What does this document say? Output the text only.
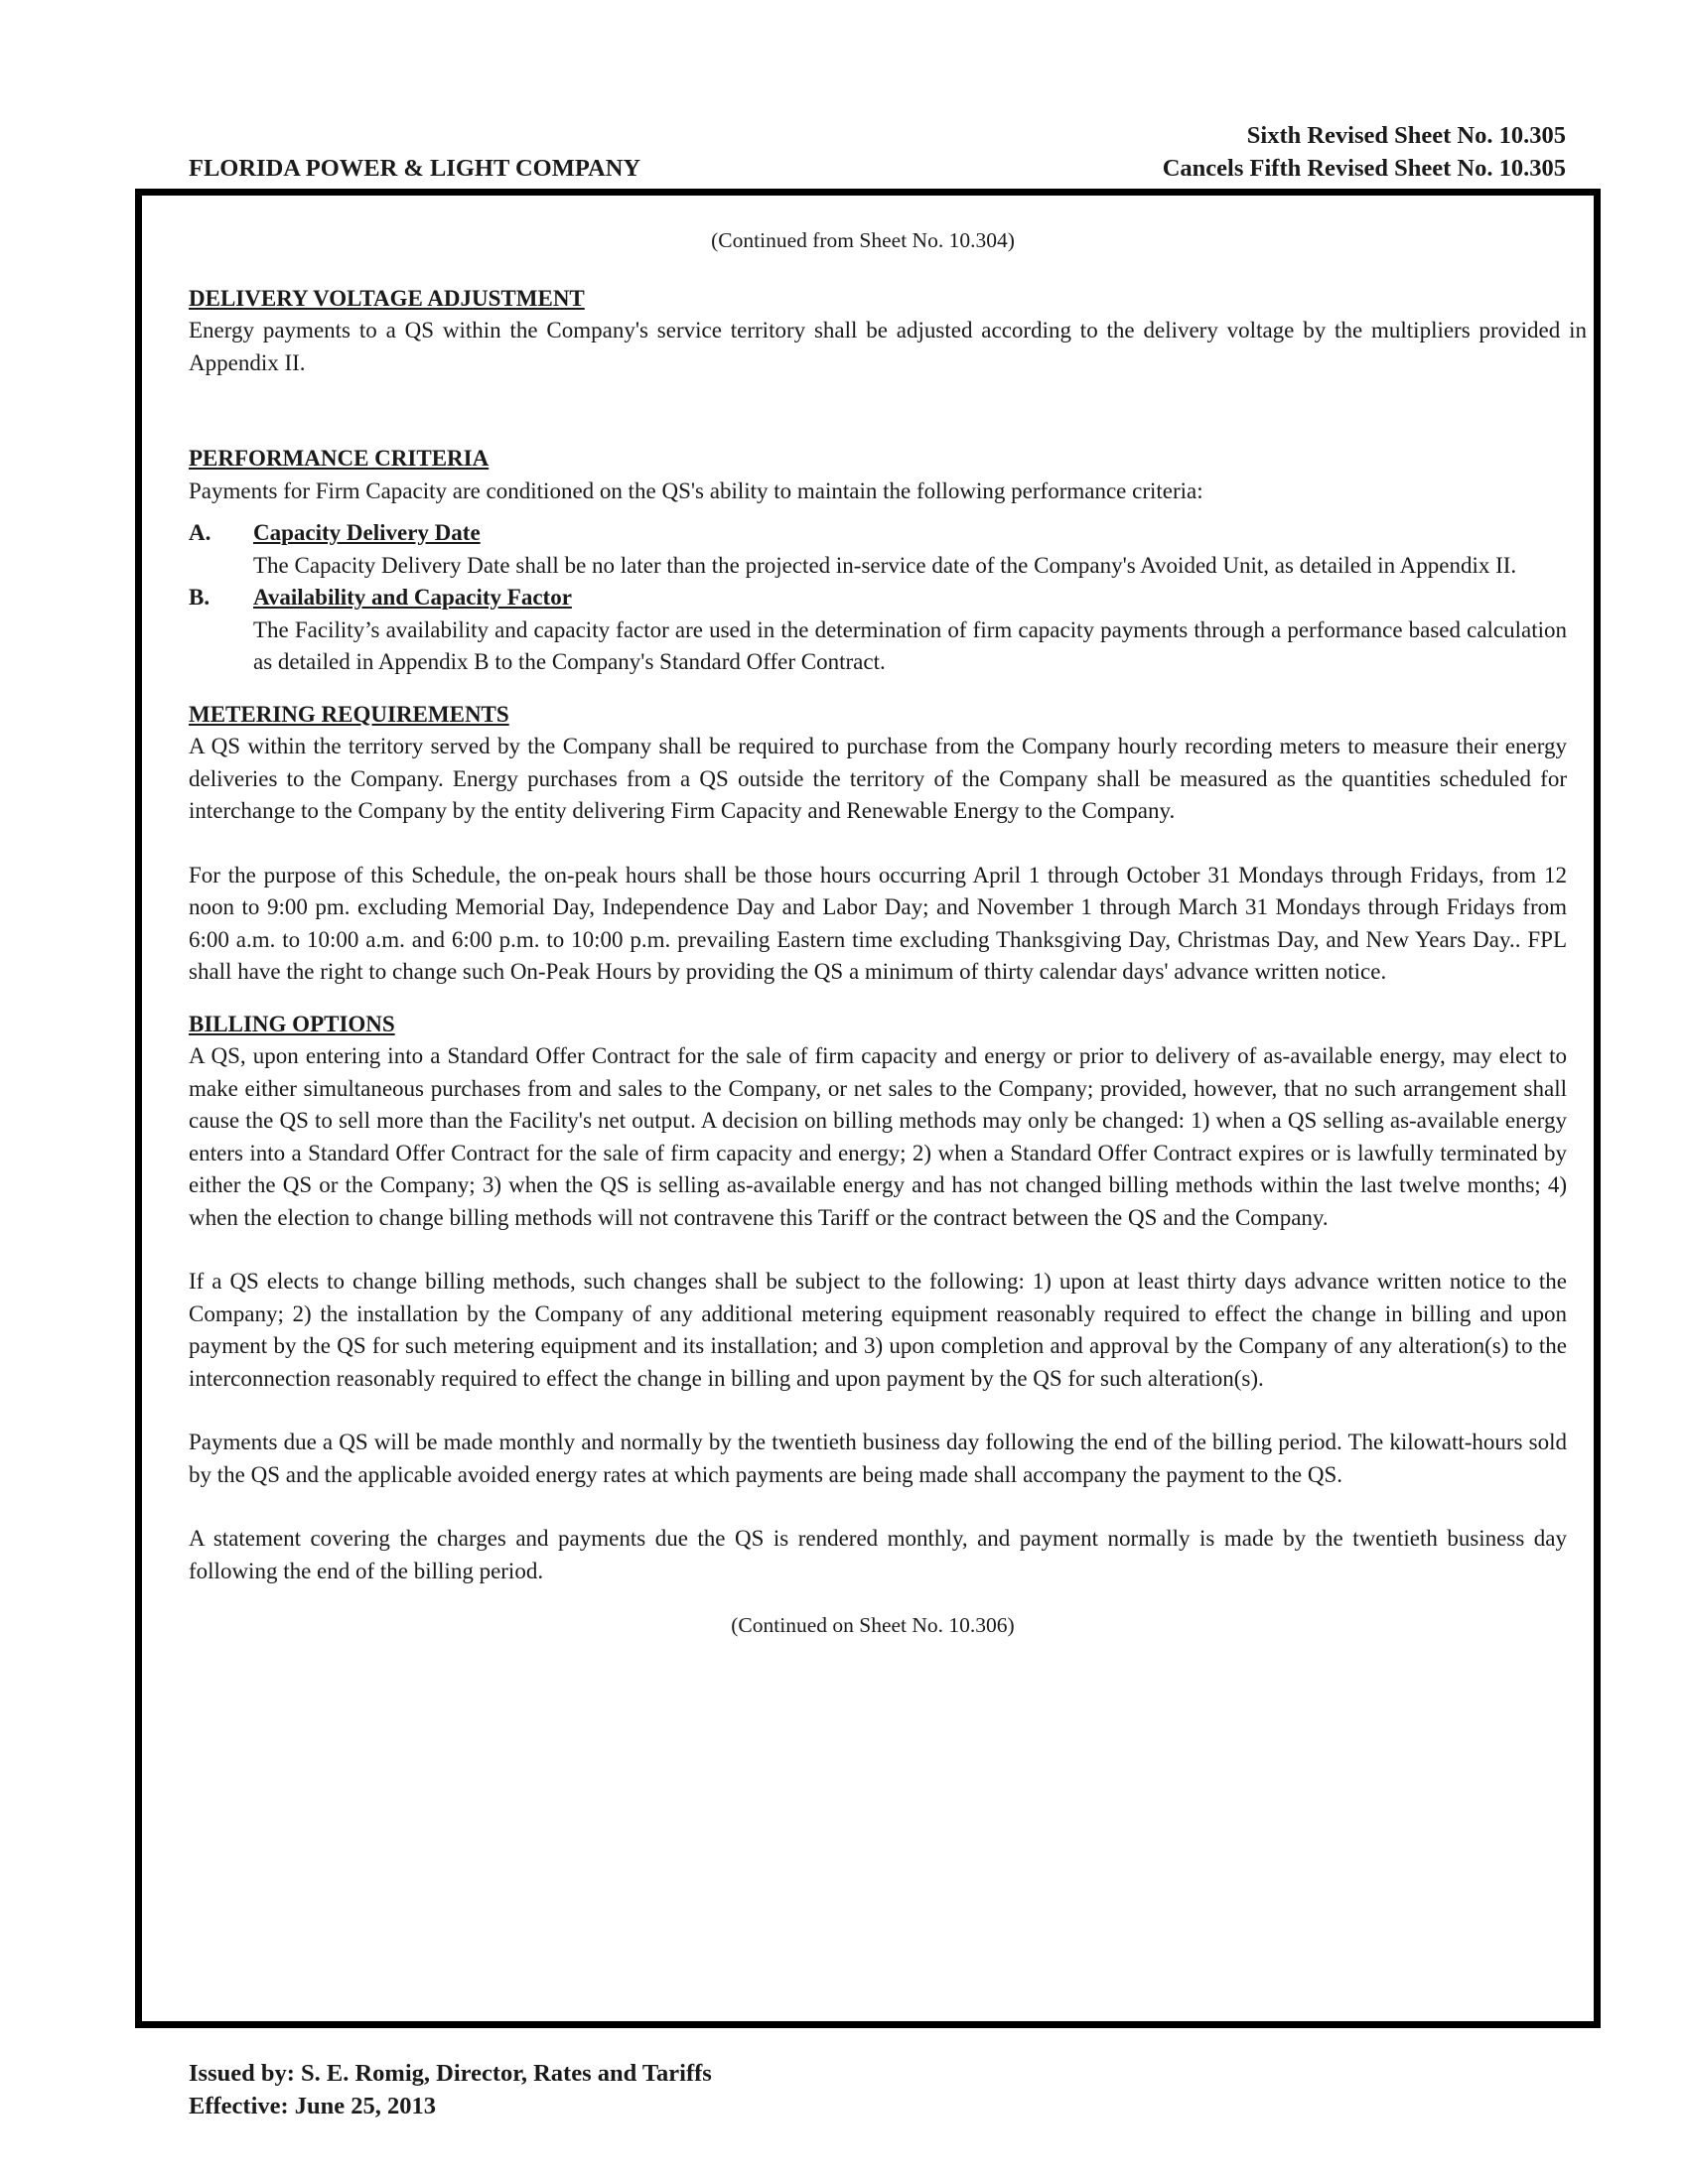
Sixth Revised Sheet No. 10.305
Cancels Fifth Revised Sheet No. 10.305
FLORIDA POWER & LIGHT COMPANY

(Continued from Sheet No. 10.304)

DELIVERY VOLTAGE ADJUSTMENT

Energy payments to a QS within the Company's service territory shall be adjusted according to the delivery voltage by the multipliers provided in Appendix II.

PERFORMANCE CRITERIA

Payments for Firm Capacity are conditioned on the QS's ability to maintain the following performance criteria:

A. Capacity Delivery Date

The Capacity Delivery Date shall be no later than the projected in-service date of the Company's Avoided Unit, as detailed in Appendix II.

B. Availability and Capacity Factor

The Facility’s availability and capacity factor are used in the determination of firm capacity payments through a performance based calculation as detailed in Appendix B to the Company's Standard Offer Contract.

METERING REQUIREMENTS

A QS within the territory served by the Company shall be required to purchase from the Company hourly recording meters to measure their energy deliveries to the Company. Energy purchases from a QS outside the territory of the Company shall be measured as the quantities scheduled for interchange to the Company by the entity delivering Firm Capacity and Renewable Energy to the Company.

For the purpose of this Schedule, the on-peak hours shall be those hours occurring April 1 through October 31 Mondays through Fridays, from 12 noon to 9:00 pm. excluding Memorial Day, Independence Day and Labor Day; and November 1 through March 31 Mondays through Fridays from 6:00 a.m. to 10:00 a.m. and 6:00 p.m. to 10:00 p.m. prevailing Eastern time excluding Thanksgiving Day, Christmas Day, and New Years Day.. FPL shall have the right to change such On-Peak Hours by providing the QS a minimum of thirty calendar days' advance written notice.

BILLING OPTIONS

A QS, upon entering into a Standard Offer Contract for the sale of firm capacity and energy or prior to delivery of as-available energy, may elect to make either simultaneous purchases from and sales to the Company, or net sales to the Company; provided, however, that no such arrangement shall cause the QS to sell more than the Facility's net output. A decision on billing methods may only be changed: 1) when a QS selling as-available energy enters into a Standard Offer Contract for the sale of firm capacity and energy; 2) when a Standard Offer Contract expires or is lawfully terminated by either the QS or the Company; 3) when the QS is selling as-available energy and has not changed billing methods within the last twelve months; 4) when the election to change billing methods will not contravene this Tariff or the contract between the QS and the Company.

If a QS elects to change billing methods, such changes shall be subject to the following: 1) upon at least thirty days advance written notice to the Company; 2) the installation by the Company of any additional metering equipment reasonably required to effect the change in billing and upon payment by the QS for such metering equipment and its installation; and 3) upon completion and approval by the Company of any alteration(s) to the interconnection reasonably required to effect the change in billing and upon payment by the QS for such alteration(s).

Payments due a QS will be made monthly and normally by the twentieth business day following the end of the billing period. The kilowatt-hours sold by the QS and the applicable avoided energy rates at which payments are being made shall accompany the payment to the QS.

A statement covering the charges and payments due the QS is rendered monthly, and payment normally is made by the twentieth business day following the end of the billing period.

(Continued on Sheet No. 10.306)

Issued by: S. E. Romig, Director, Rates and Tariffs
Effective: June 25, 2013
